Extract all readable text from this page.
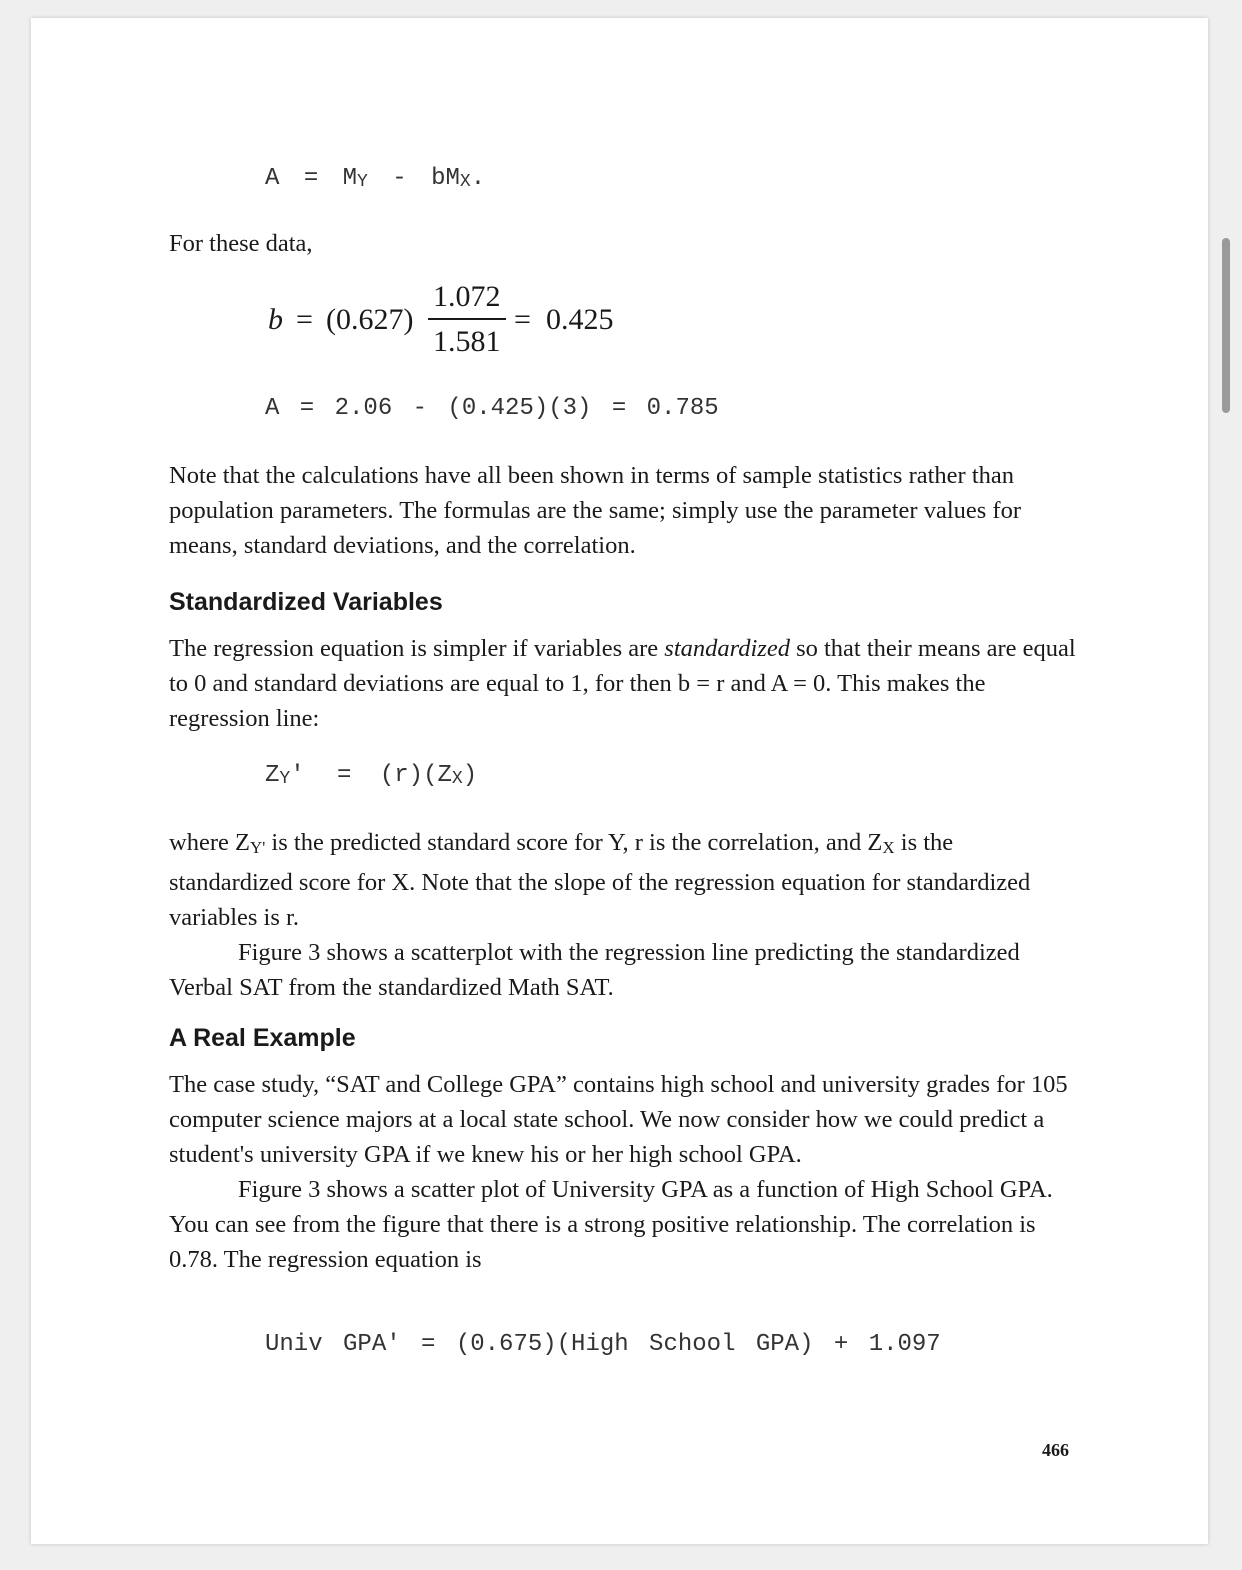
$A = M_Y - bM_X$.
For these data,
b = (0.627)
1.072
1.581
= 0.425
A = 2.06 - (0.425)(3) = 0.785

Note that the calculations have all been shown in terms of sample statistics rather than population parameters. The formulas are the same; simply use the parameter values for means, standard deviations, and the correlation.

Standardized Variables

The regression equation is simpler if variables are standardized so that their means are equal to 0 and standard deviations are equal to 1, for then b = r and A = 0. This makes the regression line:

$Z_Y' = (r)(Z_X)$

where ZY' is the predicted standard score for Y, r is the correlation, and ZX is the standardized score for X. Note that the slope of the regression equation for standardized variables is r.

Figure 3 shows a scatterplot with the regression line predicting the standardized Verbal SAT from the standardized Math SAT.

A Real Example

The case study, “SAT and College GPA” contains high school and university grades for 105 computer science majors at a local state school. We now consider how we could predict a student's university GPA if we knew his or her high school GPA.

Figure 3 shows a scatter plot of University GPA as a function of High School GPA. You can see from the figure that there is a strong positive relationship. The correlation is 0.78. The regression equation is

Univ GPA' = (0.675)(High School GPA) + 1.097
466
